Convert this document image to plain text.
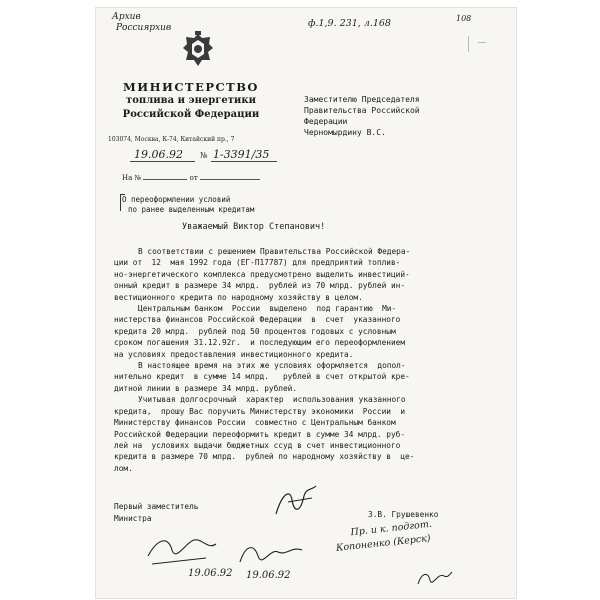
Архив
Россиярхив	ф.1,9. 231, л.168	108
МИНИСТЕРСТВО
топлива и энергетики
Российской Федерации
103074, Москва, К-74, Китайский пр., 7
19.06.92 № 1-3391/35
На №	от
Заместителю Председателя
Правительства Российской
Федерации
Черномырдину В.С.
О переоформлении условий
по ранее выделенным кредитам
Уважаемый Виктор Степанович!
В соответствии с решением Правительства Российской Федера-
ции от  12  мая 1992 года (ЕГ-П17787) для предприятий топлив-
но-энергетического комплекса предусмотрено выделить инвестиций-
онный кредит в размере 34 млрд.  рублей из 70 млрд. рублей ин-
вестиционного кредита по народному хозяйству в целом.
Центральным банком  России  выделено  под гарантию  Ми-
нистерства финансов Российской Федерации  в  счет  указанного
кредита 20 млрд.  рублей под 50 процентов годовых с условным
сроком погашения 31.12.92г.  и последующим его переоформлением
на условиях предоставления инвестиционного кредита.
В настоящее время на этих же условиях оформляется  допол-
нительно кредит  в сумме 14 млрд.   рублей в счет открытой кре-
дитной линии в размере 34 млрд. рублей.
Учитывая долгосрочный  характер  использования указанного
кредита,  прошу Вас поручить Министерству экономики  России  и
Министерству финансов России  совместно с Центральным банком
Российской Федерации переоформить кредит в сумме 34 млрд. руб-
лей на  условиях выдачи бюджетных ссуд в счет инвестиционного
кредита в размере 70 млрд.  рублей по народному хозяйству в  це-
лом.
Первый заместитель
Министра	З.В. Грушевенко
19.06.92 19.06.92
Пр. и к. подгот.
Копоненко (Керск)
